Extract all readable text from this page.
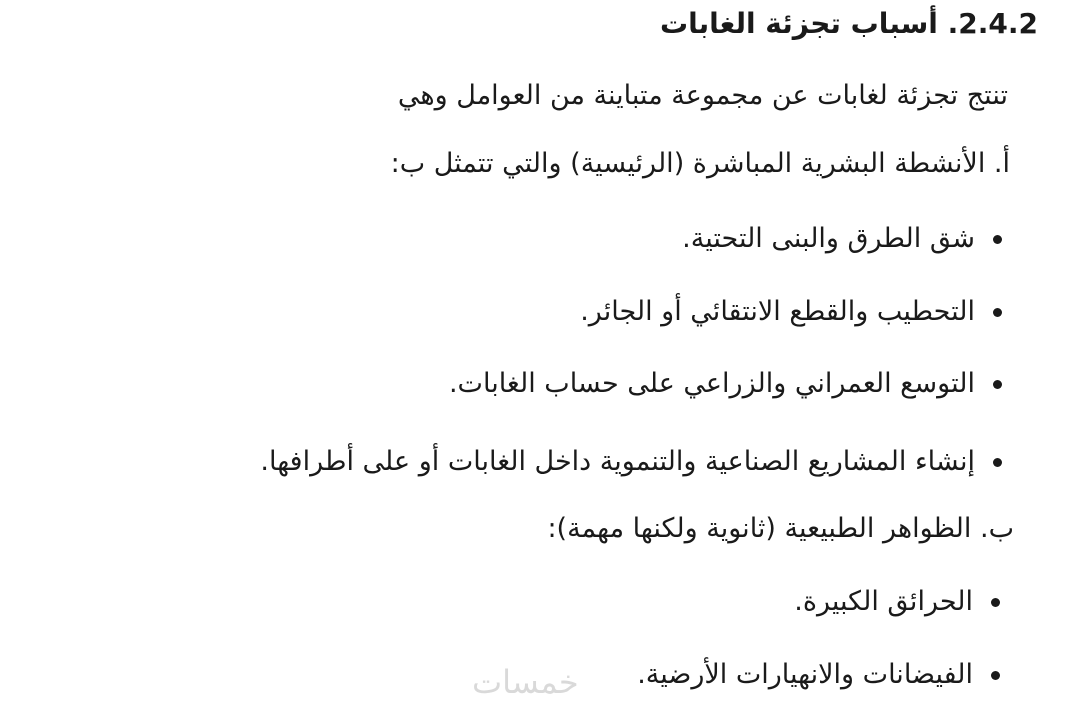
2.4.2. أسباب تجزئة الغابات
تنتج تجزئة لغابات عن مجموعة متباينة من العوامل وهي
أ. الأنشطة البشرية المباشرة (الرئيسية) والتي تتمثل ب:
شق الطرق والبنى التحتية.
التحطيب والقطع الانتقائي أو الجائر.
التوسع العمراني والزراعي على حساب الغابات.
إنشاء المشاريع الصناعية والتنموية داخل الغابات أو على أطرافها.
ب. الظواهر الطبيعية (ثانوية ولكنها مهمة):
الحرائق الكبيرة.
الفيضانات والانهيارات الأرضية.
خمسات
